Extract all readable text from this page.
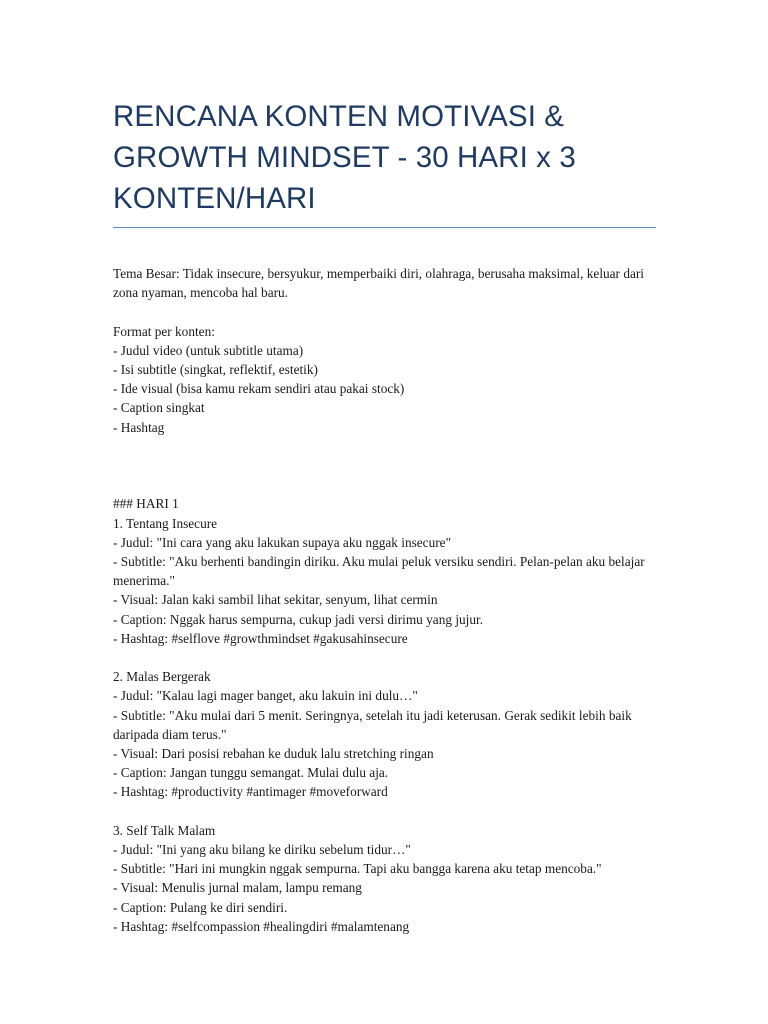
RENCANA KONTEN MOTIVASI & GROWTH MINDSET - 30 HARI x 3 KONTEN/HARI

Tema Besar: Tidak insecure, bersyukur, memperbaiki diri, olahraga, berusaha maksimal, keluar dari zona nyaman, mencoba hal baru.

Format per konten:
- Judul video (untuk subtitle utama)
- Isi subtitle (singkat, reflektif, estetik)
- Ide visual (bisa kamu rekam sendiri atau pakai stock)
- Caption singkat
- Hashtag
### HARI 1
1. Tentang Insecure
- Judul: "Ini cara yang aku lakukan supaya aku nggak insecure"
- Subtitle: "Aku berhenti bandingin diriku. Aku mulai peluk versiku sendiri. Pelan-pelan aku belajar menerima."
- Visual: Jalan kaki sambil lihat sekitar, senyum, lihat cermin
- Caption: Nggak harus sempurna, cukup jadi versi dirimu yang jujur.
- Hashtag: #selflove #growthmindset #gakusahinsecure
2. Malas Bergerak
- Judul: "Kalau lagi mager banget, aku lakuin ini dulu…"
- Subtitle: "Aku mulai dari 5 menit. Seringnya, setelah itu jadi keterusan. Gerak sedikit lebih baik daripada diam terus."
- Visual: Dari posisi rebahan ke duduk lalu stretching ringan
- Caption: Jangan tunggu semangat. Mulai dulu aja.
- Hashtag: #productivity #antimager #moveforward
3. Self Talk Malam
- Judul: "Ini yang aku bilang ke diriku sebelum tidur…"
- Subtitle: "Hari ini mungkin nggak sempurna. Tapi aku bangga karena aku tetap mencoba."
- Visual: Menulis jurnal malam, lampu remang
- Caption: Pulang ke diri sendiri.
- Hashtag: #selfcompassion #healingdiri #malamtenang
